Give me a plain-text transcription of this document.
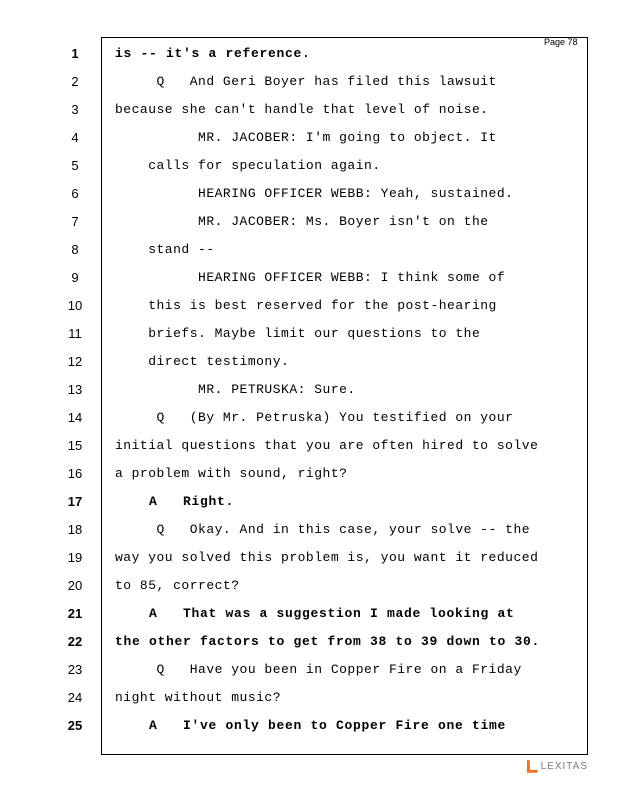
Page 78
1	is -- it's a reference.
2	Q   And Geri Boyer has filed this lawsuit
3	because she can't handle that level of noise.
4	MR. JACOBER: I'm going to object. It
5	calls for speculation again.
6	HEARING OFFICER WEBB: Yeah, sustained.
7	MR. JACOBER: Ms. Boyer isn't on the
8	stand --
9	HEARING OFFICER WEBB: I think some of
10	this is best reserved for the post-hearing
11	briefs. Maybe limit our questions to the
12	direct testimony.
13	MR. PETRUSKA: Sure.
14	Q   (By Mr. Petruska) You testified on your
15	initial questions that you are often hired to solve
16	a problem with sound, right?
17	A   Right.
18	Q   Okay. And in this case, your solve -- the
19	way you solved this problem is, you want it reduced
20	to 85, correct?
21	A   That was a suggestion I made looking at
22	the other factors to get from 38 to 39 down to 30.
23	Q   Have you been in Copper Fire on a Friday
24	night without music?
25	A   I've only been to Copper Fire one time
LEXITAS
